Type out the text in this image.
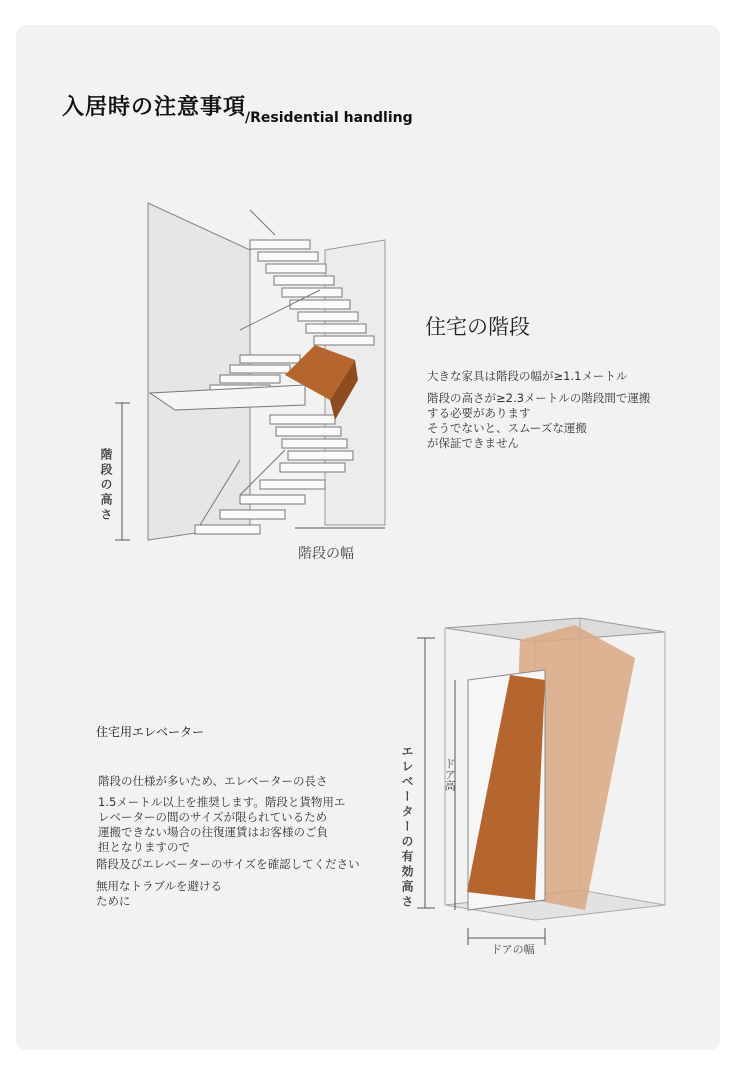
入居時の注意事項
/Residential handling
階段の高さ
階段の幅
住宅の階段
大きな家具は階段の幅が≥1.1メートル
階段の高さが≥2.3メートルの階段間で運搬
する必要があります
そうでないと、スムーズな運搬
が保証できません
住宅用エレベーター
階段の仕様が多いため、エレベーターの長さ
1.5メートル以上を推奨します。階段と貨物用エ
レベーターの間のサイズが限られているため
運搬できない場合の往復運賃はお客様のご負
担となりますので
階段及びエレベーターのサイズを確認してください
無用なトラブルを避ける
ために	エレベーターの有効高さ	ドア高
ドアの幅
